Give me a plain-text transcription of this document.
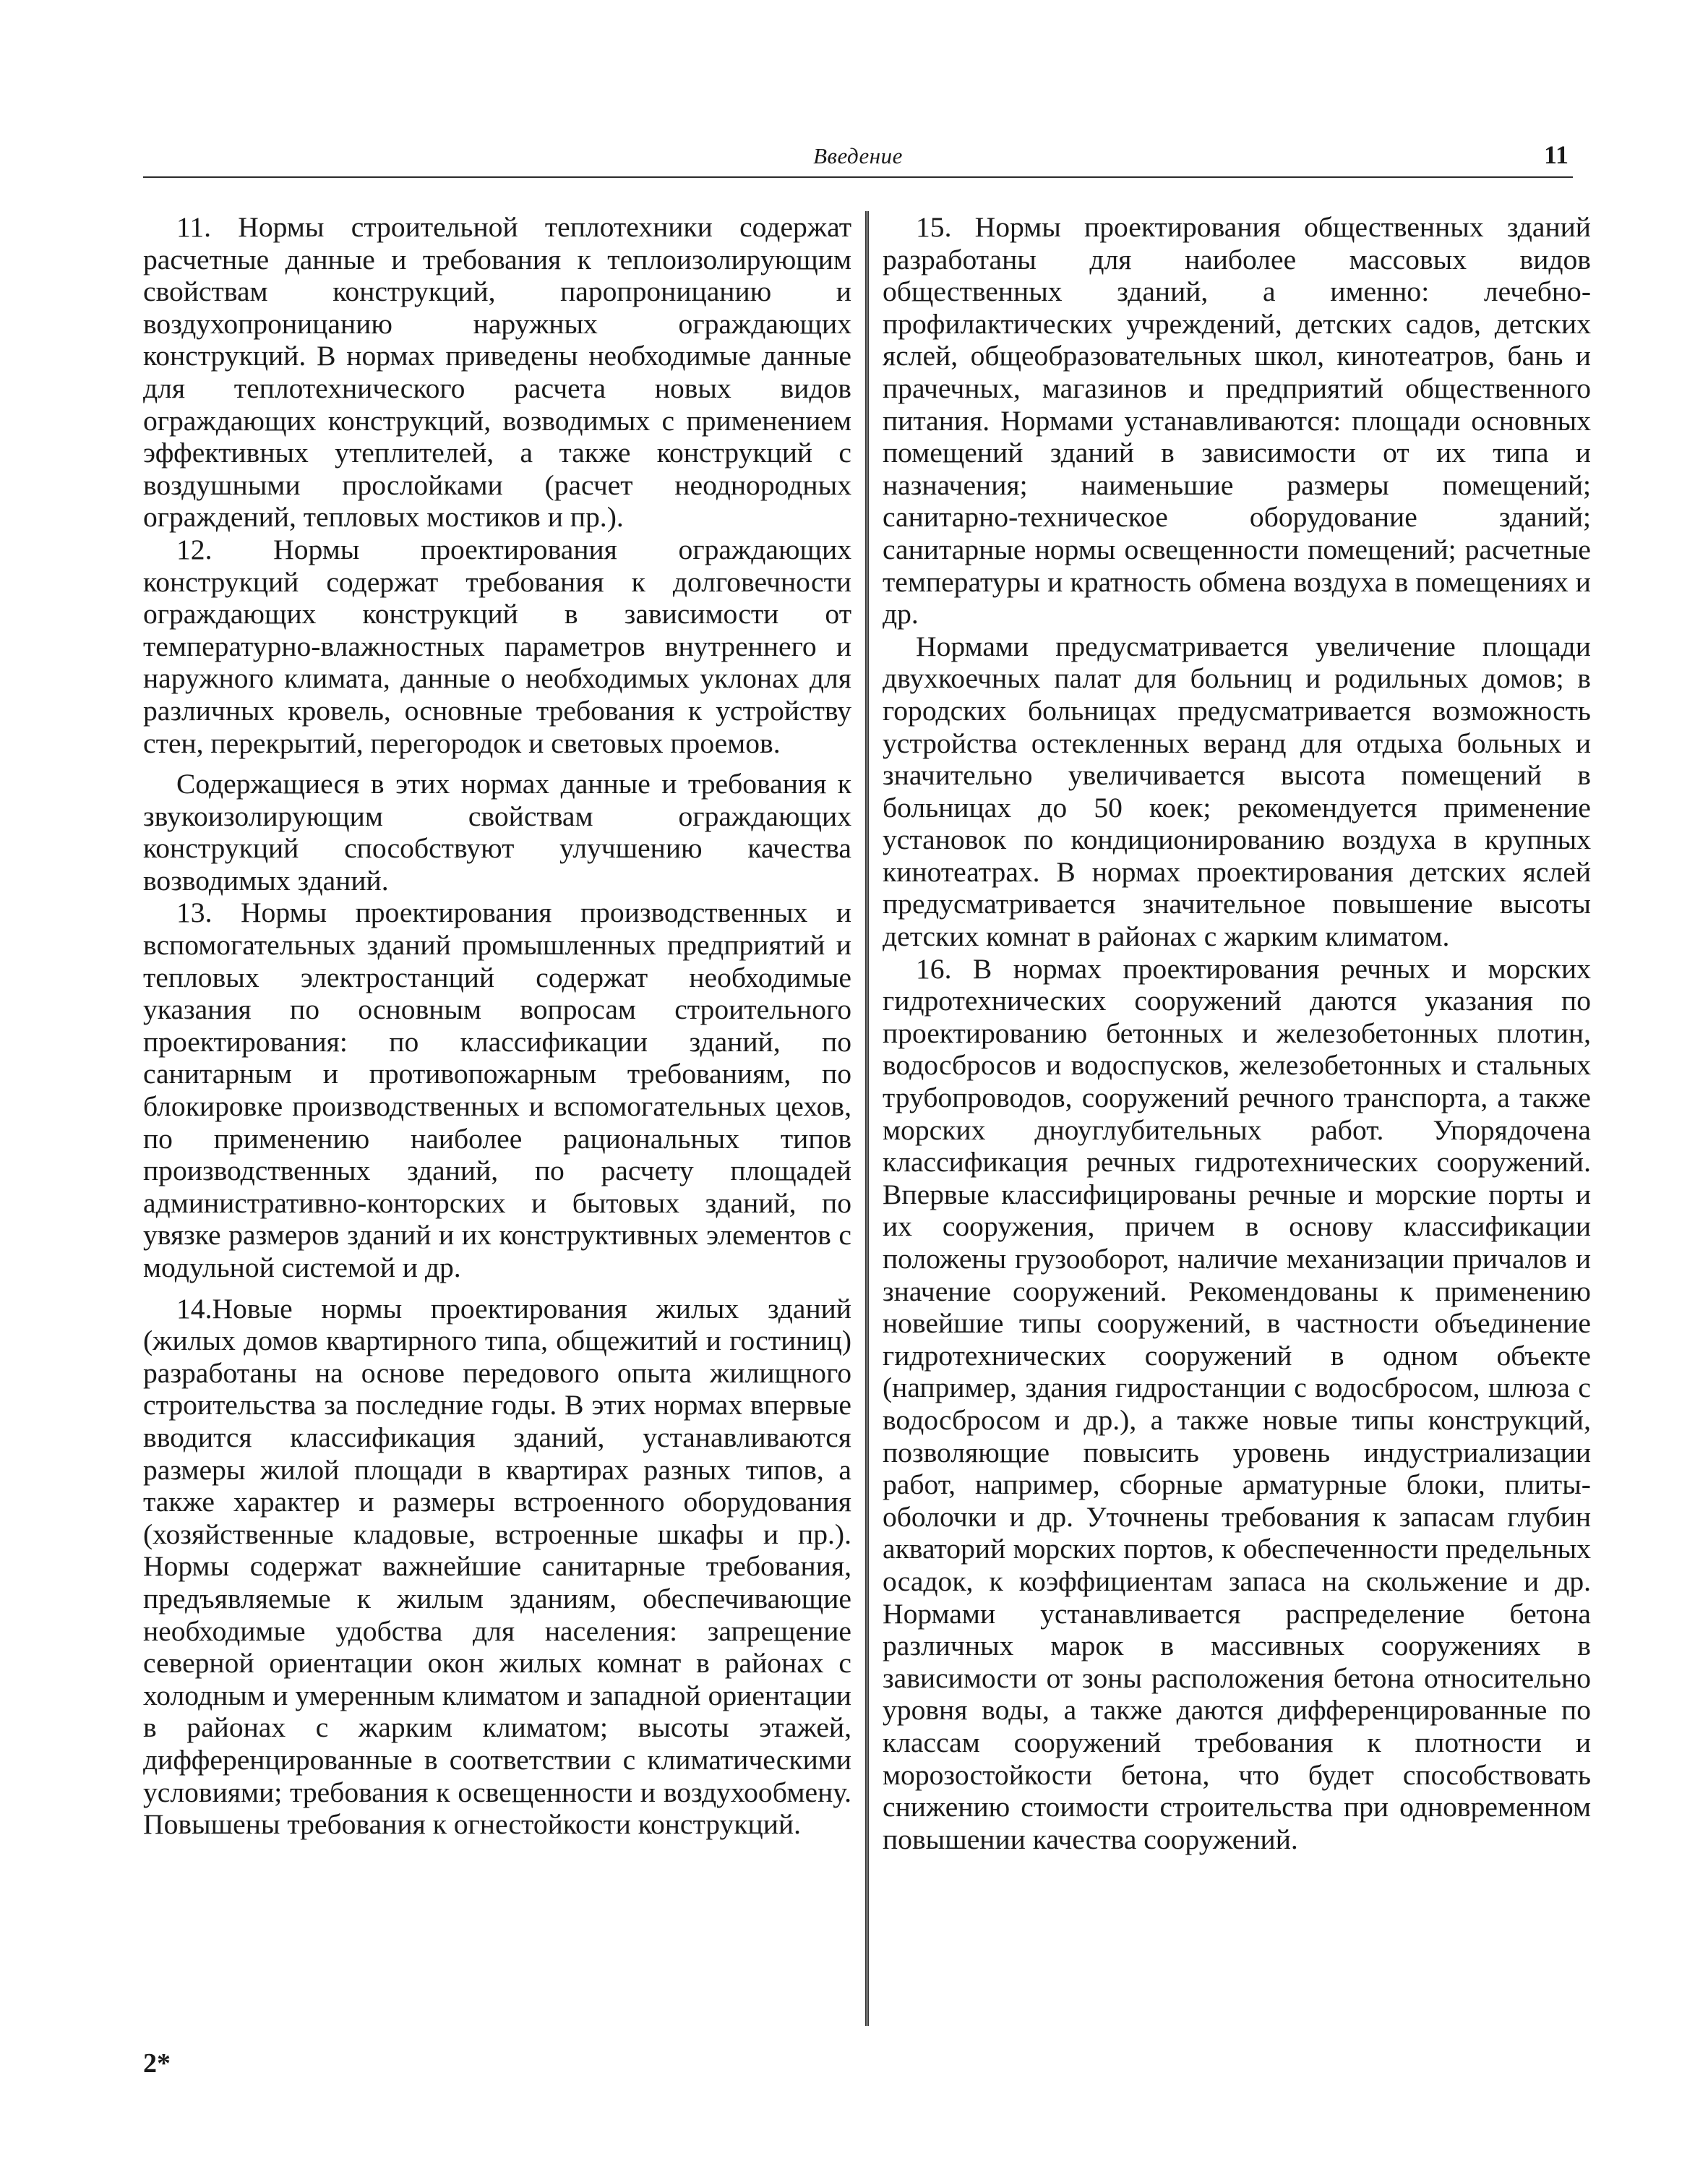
Введение	11

11. Нормы строительной теплотехники содержат расчетные данные и требования к теплоизолирующим свойствам конструкций, паропроницанию и воздухопроницанию наружных ограждающих конструкций. В нормах приведены необходимые данные для теплотехнического расчета новых видов ограждающих конструкций, возводимых с применением эффективных утеплителей, а также конструкций с воздушными прослойками (расчет неоднородных ограждений, тепловых мостиков и пр.).

12. Нормы проектирования ограждающих конструкций содержат требования к долговечности ограждающих конструкций в зависимости от температурно-влажностных параметров внутреннего и наружного климата, данные о необходимых уклонах для различных кровель, основные требования к устройству стен, перекрытий, перегородок и световых проемов.

Содержащиеся в этих нормах данные и требования к звукоизолирующим свойствам ограждающих конструкций способствуют улучшению качества возводимых зданий.

13. Нормы проектирования производственных и вспомогательных зданий промышленных предприятий и тепловых электростанций содержат необходимые указания по основным вопросам строительного проектирования: по классификации зданий, по санитарным и противопожарным требованиям, по блокировке производственных и вспомогательных цехов, по применению наиболее рациональных типов производственных зданий, по расчету площадей административно-конторских и бытовых зданий, по увязке размеров зданий и их конструктивных элементов с модульной системой и др.

14.Новые нормы проектирования жилых зданий (жилых домов квартирного типа, общежитий и гостиниц) разработаны на основе передового опыта жилищного строительства за последние годы. В этих нормах впервые вводится классификация зданий, устанавливаются размеры жилой площади в квартирах разных типов, а также характер и размеры встроенного оборудования (хозяйственные кладовые, встроенные шкафы и пр.). Нормы содержат важнейшие санитарные требования, предъявляемые к жилым зданиям, обеспечивающие необходимые удобства для населения: запрещение северной ориентации окон жилых комнат в районах с холодным и умеренным климатом и западной ориентации в районах с жарким климатом; высоты этажей, дифференцированные в соответствии с климатическими условиями; требования к освещенности и воздухообмену. Повышены требования к огнестойкости конструкций.

15. Нормы проектирования общественных зданий разработаны для наиболее массовых видов общественных зданий, а именно: лечебно-профилактических учреждений, детских садов, детских яслей, общеобразовательных школ, кинотеатров, бань и прачечных, магазинов и предприятий общественного питания. Нормами устанавливаются: площади основных помещений зданий в зависимости от их типа и назначения; наименьшие размеры помещений; санитарно-техническое оборудование зданий; санитарные нормы освещенности помещений; расчетные температуры и кратность обмена воздуха в помещениях и др.

Нормами предусматривается увеличение площади двухкоечных палат для больниц и родильных домов; в городских больницах предусматривается возможность устройства остекленных веранд для отдыха больных и значительно увеличивается высота помещений в больницах до 50 коек; рекомендуется применение установок по кондиционированию воздуха в крупных кинотеатрах. В нормах проектирования детских яслей предусматривается значительное повышение высоты детских комнат в районах с жарким климатом.

16. В нормах проектирования речных и морских гидротехнических сооружений даются указания по проектированию бетонных и железобетонных плотин, водосбросов и водоспусков, железобетонных и стальных трубопроводов, сооружений речного транспорта, а также морских дноуглубительных работ. Упорядочена классификация речных гидротехнических сооружений. Впервые классифицированы речные и морские порты и их сооружения, причем в основу классификации положены грузооборот, наличие механизации причалов и значение сооружений. Рекомендованы к применению новейшие типы сооружений, в частности объединение гидротехнических сооружений в одном объекте (например, здания гидростанции с водосбросом, шлюза с водосбросом и др.), а также новые типы конструкций, позволяющие повысить уровень индустриализации работ, например, сборные арматурные блоки, плиты-оболочки и др. Уточнены требования к запасам глубин акваторий морских портов, к обеспеченности предельных осадок, к коэффициентам запаса на скольжение и др. Нормами устанавливается распределение бетона различных марок в массивных сооружениях в зависимости от зоны расположения бетона относительно уровня воды, а также даются дифференцированные по классам сооружений требования к плотности и морозостойкости бетона, что будет способствовать снижению стоимости строительства при одновременном повышении качества сооружений.

2*
